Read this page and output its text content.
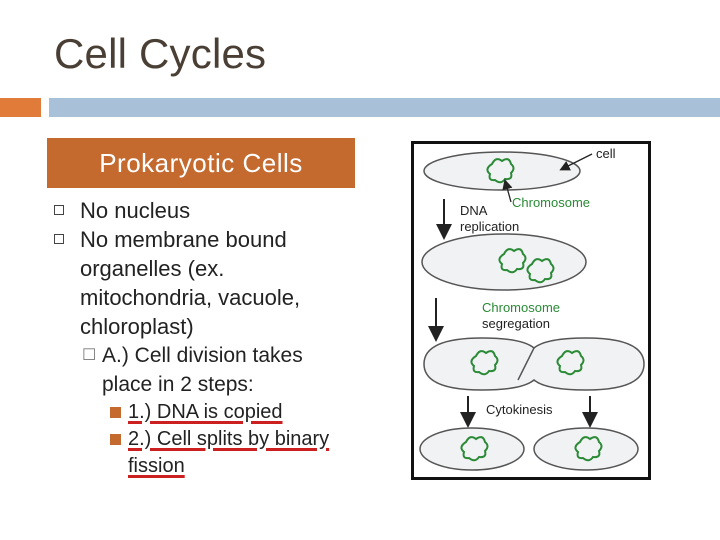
Cell Cycles
Prokaryotic Cells
No nucleus
No membrane bound organelles (ex. mitochondria, vacuole, chloroplast)
☐ A.) Cell division takes place in 2 steps:
1.) DNA is copied
2.) Cell splits by binary fission
cell
Chromosome
DNA
replication
Chromosome
segregation
Cytokinesis
